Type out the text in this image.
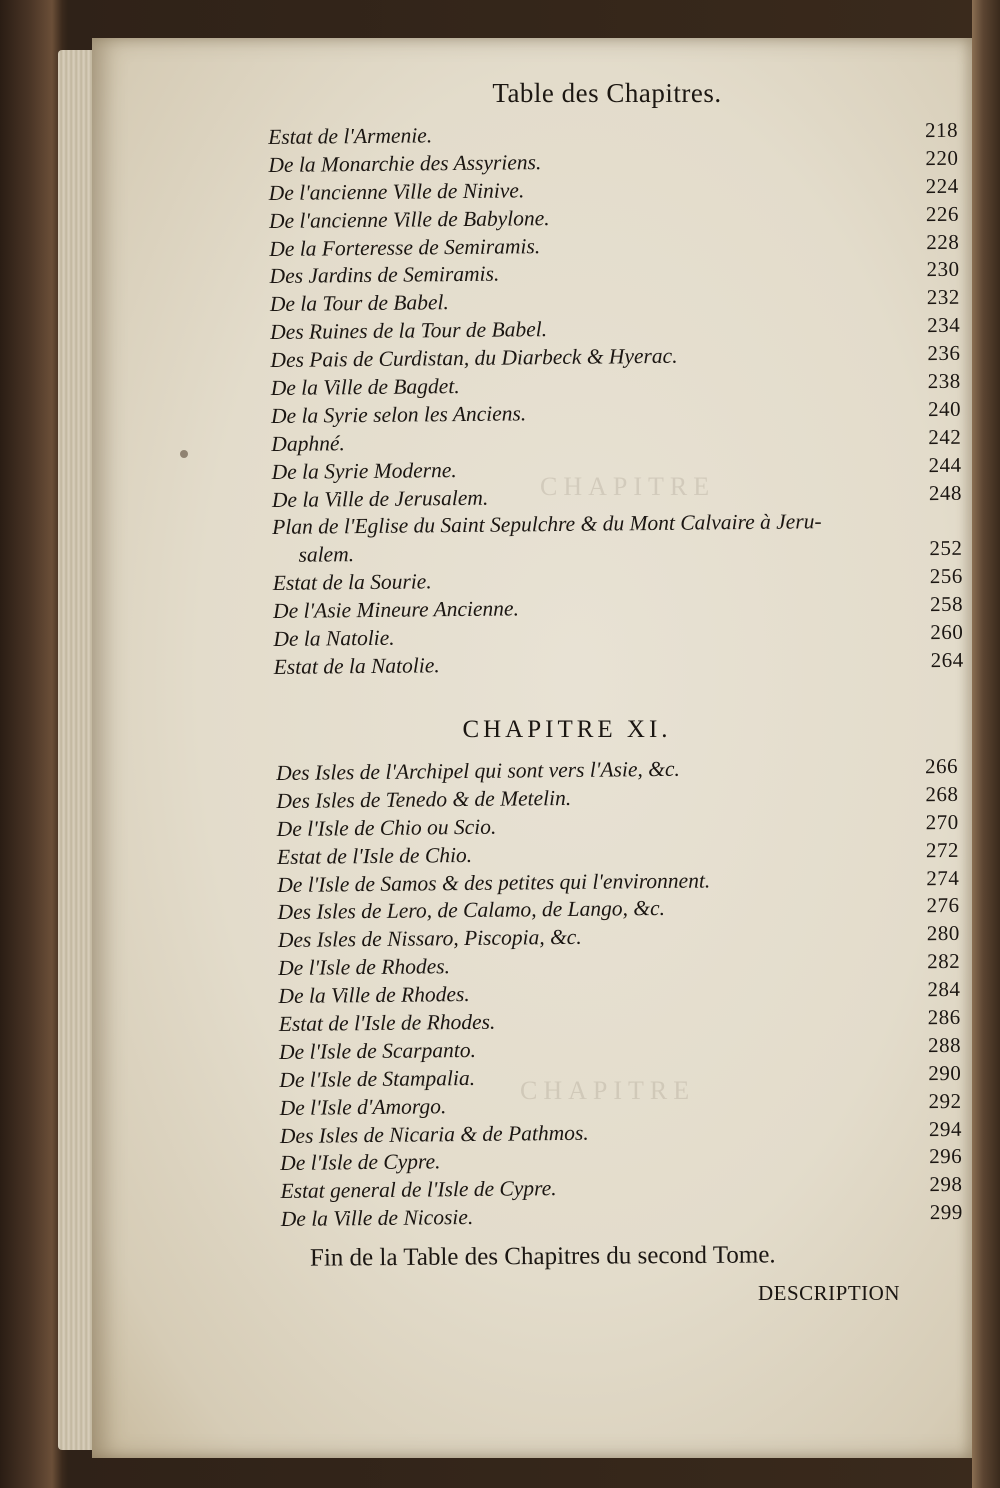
CHAPITRE
CHAPITRE
Table des Chapitres.
Estat de l'Armenie.	218
De la Monarchie des Assyriens.	220
De l'ancienne Ville de Ninive.	224
De l'ancienne Ville de Babylone.	226
De la Forteresse de Semiramis.	228
Des Jardins de Semiramis.	230
De la Tour de Babel.	232
Des Ruines de la Tour de Babel.	234
Des Pais de Curdistan, du Diarbeck & Hyerac.	236
De la Ville de Bagdet.	238
De la Syrie selon les Anciens.	240
Daphné.	242
De la Syrie Moderne.	244
De la Ville de Jerusalem.	248
Plan de l'Eglise du Saint Sepulchre & du Mont Calvaire à Jeru-
salem.	252
Estat de la Sourie.	256
De l'Asie Mineure Ancienne.	258
De la Natolie.	260
Estat de la Natolie.	264
CHAPITRE XI.
Des Isles de l'Archipel qui sont vers l'Asie, &c.	266
Des Isles de Tenedo & de Metelin.	268
De l'Isle de Chio ou Scio.	270
Estat de l'Isle de Chio.	272
De l'Isle de Samos & des petites qui l'environnent.	274
Des Isles de Lero, de Calamo, de Lango, &c.	276
Des Isles de Nissaro, Piscopia, &c.	280
De l'Isle de Rhodes.	282
De la Ville de Rhodes.	284
Estat de l'Isle de Rhodes.	286
De l'Isle de Scarpanto.	288
De l'Isle de Stampalia.	290
De l'Isle d'Amorgo.	292
Des Isles de Nicaria & de Pathmos.	294
De l'Isle de Cypre.	296
Estat general de l'Isle de Cypre.	298
De la Ville de Nicosie.	299
Fin de la Table des Chapitres du second Tome.
DESCRIPTION
